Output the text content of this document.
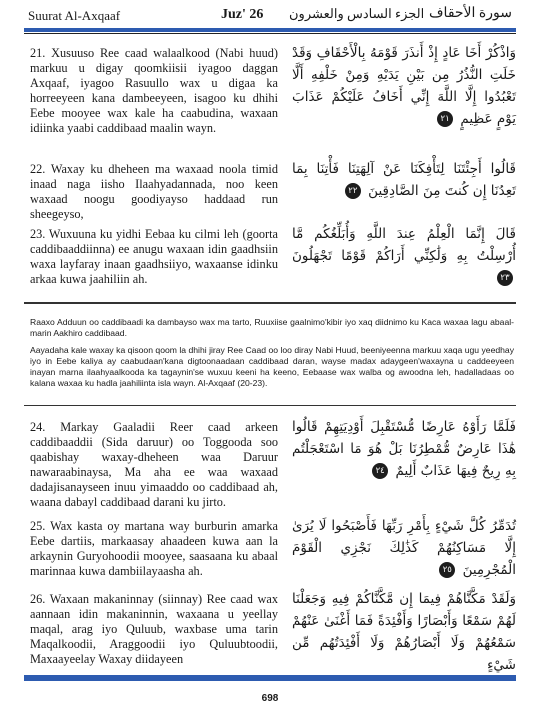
Suurat Al-Axqaaf	Juz' 26 الجزء السادس والعشرون سورة الأحقاف
21. Xusuuso Ree caad walaalkood (Nabi huud) markuu u digay qoomkiisii iyagoo daggan Axqaaf, iyagoo Rasuullo wax u digaa ka horreeyeen kana dambeeyeen, isagoo ku dhihi Eebe mooyee wax kale ha caabudina, waxaan idiinka yaabi caddibaad maalin wayn.
وَاذْكُرْ أَخَا عَادٍ إِذْ أَنذَرَ قَوْمَهُ بِالْأَحْقَافِ وَقَدْ خَلَتِ النُّذُرُ مِن بَيْنِ يَدَيْهِ وَمِنْ خَلْفِهِ أَلَّا تَعْبُدُوا إِلَّا اللَّهَ إِنِّي أَخَافُ عَلَيْكُمْ عَذَابَ يَوْمٍ عَظِيمٍ ٢١
22. Waxay ku dheheen ma waxaad noola timid inaad naga iisho Ilaahyadannada, noo keen waxaad noogu goodiyayso haddaad run sheegeyso,
قَالُوا أَجِئْتَنَا لِتَأْفِكَنَا عَنْ آلِهَتِنَا فَأْتِنَا بِمَا تَعِدُنَا إِن كُنتَ مِنَ الصَّادِقِينَ ٢٢
23. Wuxuuna ku yidhi Eebaa ku cilmi leh (goorta caddibaaddiinna) ee anugu waxaan idin gaadhsiin waxa layfaray inaan gaadhsiiyo, waxaanse idinku arkaa kuwa jaahiliin ah.
قَالَ إِنَّمَا الْعِلْمُ عِندَ اللَّهِ وَأُبَلِّغُكُم مَّا أُرْسِلْتُ بِهِ وَلَٰكِنِّي أَرَاكُمْ قَوْمًا تَجْهَلُونَ ٢٣

Raaxo Adduun oo caddibaadi ka dambayso wax ma tarto, Ruuxiise gaalnimo'kibir iyo xaq diidnimo ku Kaca waxaa lagu abaal-marin Aakhiro caddibaad.

Aayadaha kale waxay ka qisoon qoom la dhihi jiray Ree Caad oo loo diray Nabi Huud, beeniyeenna markuu xaqa ugu yeedhay iyo in Eebe kaliya ay caabudaan'kana digtoonaadaan caddibaad daran, wayse madax adaygeen'waxayna u caddeeyeen inayan marna ilaahyaalkooda ka tagaynin'se wuxuu keeni ha keeno, Eebaase wax walba og awoodna leh, hadalladaas oo kalana waxaa ku hadla jaahiliinta isla wayn. Al-Axqaaf (20-23).

24. Markay Gaaladii Reer caad arkeen caddibaaddii (Sida daruur) oo Toggooda soo qaabishay waxay-dheheen waa Daruur nawaraabinaysa, Ma aha ee waa waxaad dadajisanayseen inuu yimaaddo oo caddibaad ah, waana dabayl caddibaad darani ku jirto.
فَلَمَّا رَأَوْهُ عَارِضًا مُّسْتَقْبِلَ أَوْدِيَتِهِمْ قَالُوا هَٰذَا عَارِضٌ مُّمْطِرُنَا بَلْ هُوَ مَا اسْتَعْجَلْتُم بِهِ رِيحٌ فِيهَا عَذَابٌ أَلِيمٌ ٢٤
25. Wax kasta oy martana way burburin amarka Eebe dartiis, markaasay ahaadeen kuwa aan la arkaynin Guryohoodii mooyee, saasaana ku abaal marinnaa kuwa dambiilayaasha ah.
تُدَمِّرُ كُلَّ شَيْءٍ بِأَمْرِ رَبِّهَا فَأَصْبَحُوا لَا يُرَىٰ إِلَّا مَسَاكِنُهُمْ كَذَٰلِكَ نَجْزِي الْقَوْمَ الْمُجْرِمِينَ ٢٥
26. Waxaan makaninnay (siinnay) Ree caad wax aannaan idin makaninnin, waxaana u yeellay maqal, arag iyo Quluub, waxbase uma tarin Maqalkoodii, Araggoodii iyo Quluubtoodii, Maxaayeelay Waxay diidayeen
وَلَقَدْ مَكَّنَّاهُمْ فِيمَا إِن مَّكَّنَّاكُمْ فِيهِ وَجَعَلْنَا لَهُمْ سَمْعًا وَأَبْصَارًا وَأَفْئِدَةً فَمَا أَغْنَىٰ عَنْهُمْ سَمْعُهُمْ وَلَا أَبْصَارُهُمْ وَلَا أَفْئِدَتُهُم مِّن شَيْءٍ
698
